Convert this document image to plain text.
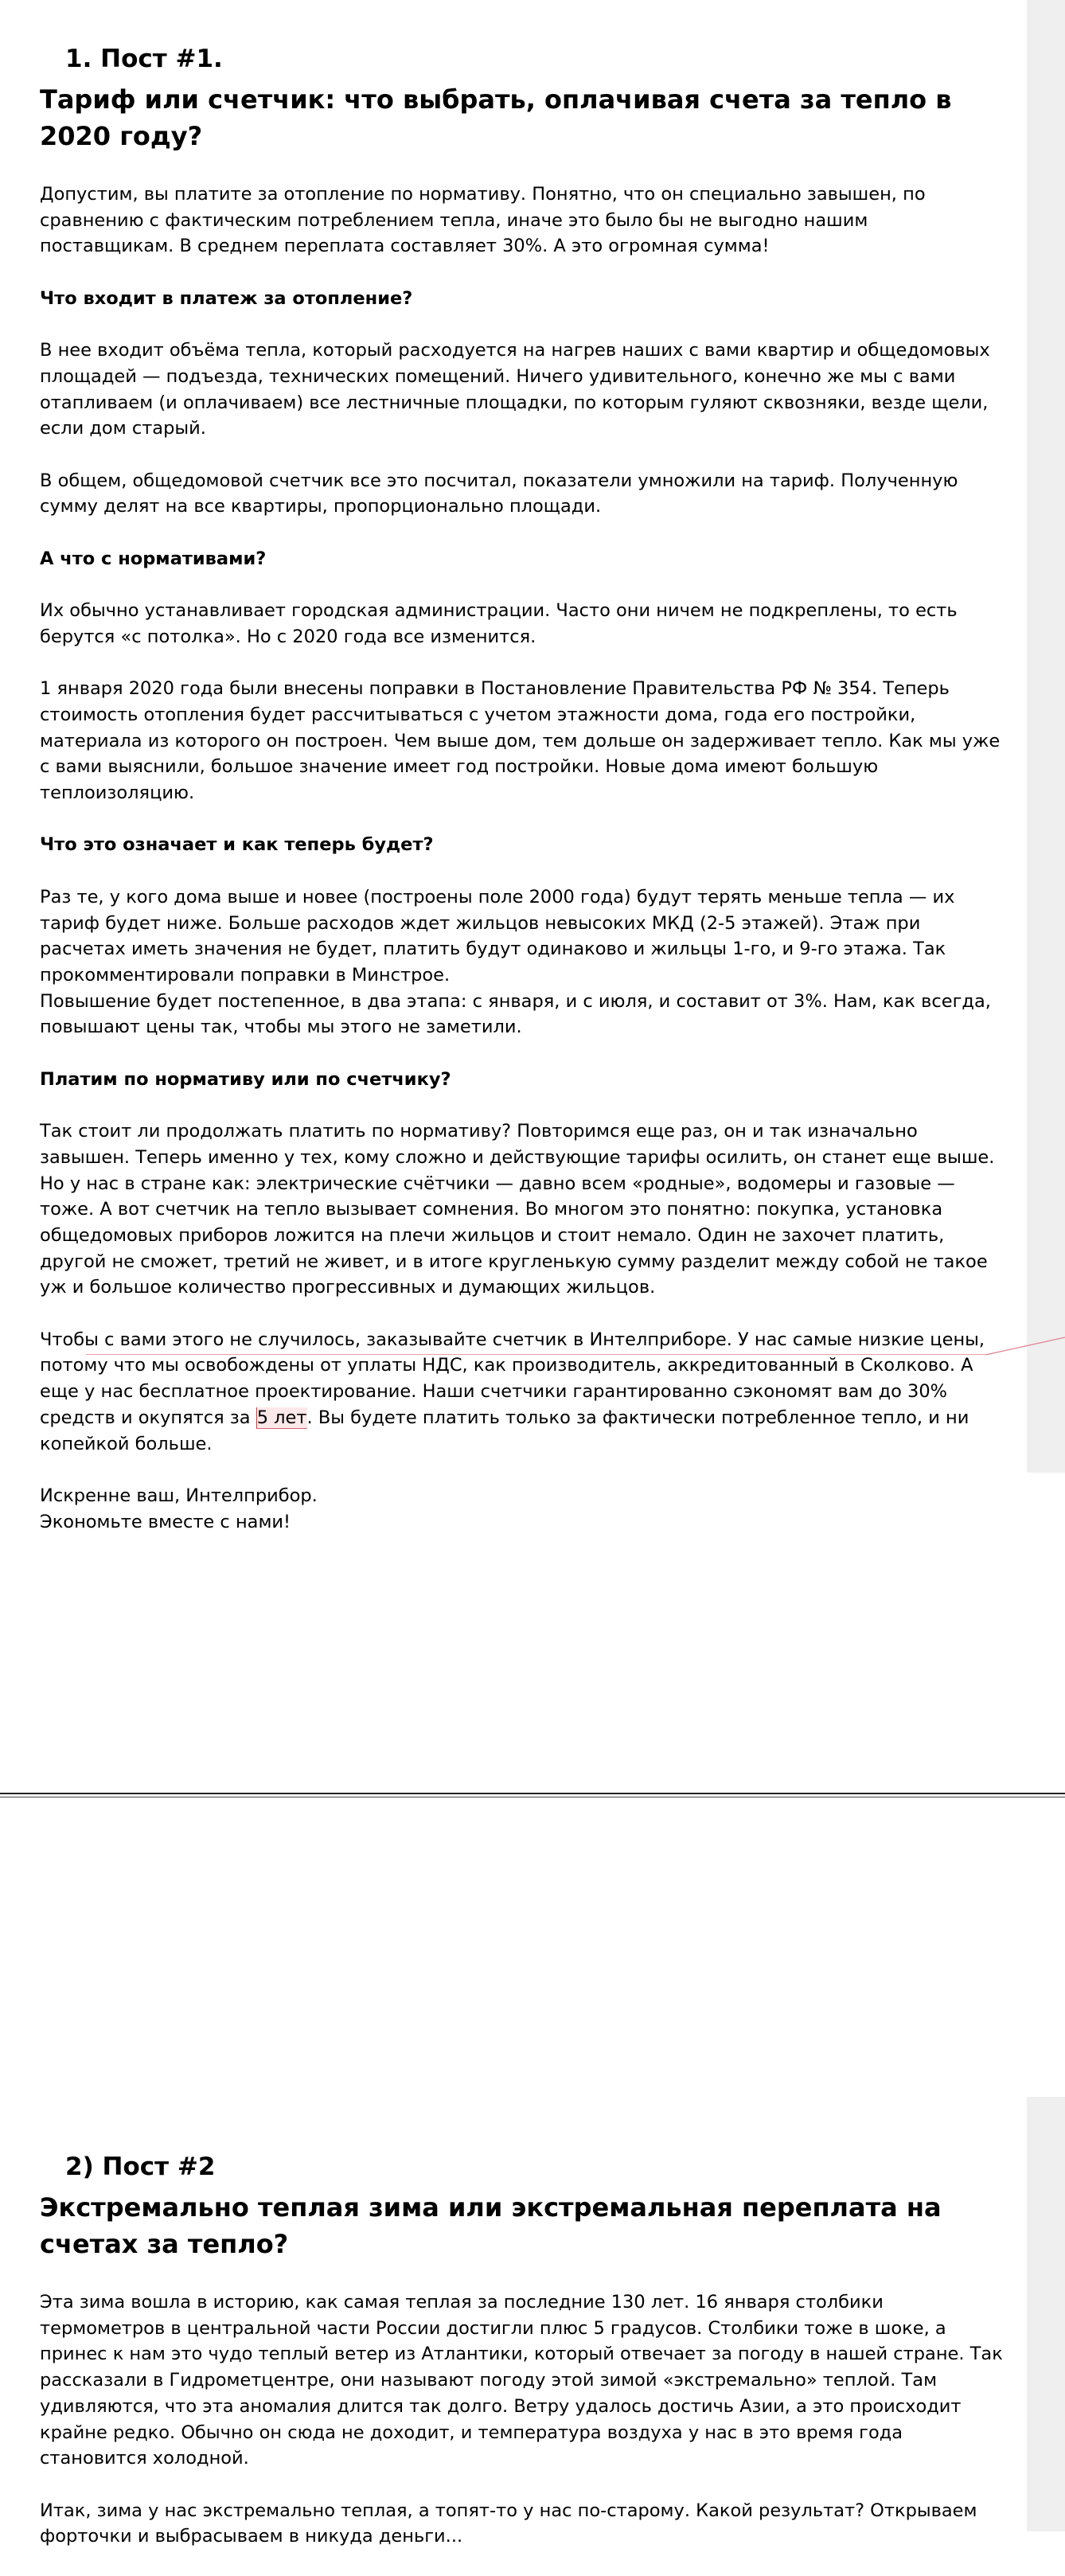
1. Пост #1.
Тариф или счетчик: что выбрать, оплачивая счета за тепло в 2020 году?

Допустим, вы платите за отопление по нормативу. Понятно, что он специально завышен, по сравнению с фактическим потреблением тепла, иначе это было бы не выгодно нашим поставщикам. В среднем переплата составляет 30%. А это огромная сумма!

Что входит в платеж за отопление?

В нее входит объёма тепла, который расходуется на нагрев наших с вами квартир и общедомовых площадей — подъезда, технических помещений. Ничего удивительного, конечно же мы с вами отапливаем (и оплачиваем) все лестничные площадки, по которым гуляют сквозняки, везде щели, если дом старый.

В общем, общедомовой счетчик все это посчитал, показатели умножили на тариф. Полученную сумму делят на все квартиры, пропорционально площади.

А что с нормативами?

Их обычно устанавливает городская администрации. Часто они ничем не подкреплены, то есть берутся «с потолка». Но с 2020 года все изменится.

1 января 2020 года были внесены поправки в Постановление Правительства РФ № 354. Теперь стоимость отопления будет рассчитываться с учетом этажности дома, года его постройки, материала из которого он построен. Чем выше дом, тем дольше он задерживает тепло. Как мы уже с вами выяснили, большое значение имеет год постройки. Новые дома имеют большую теплоизоляцию.

Что это означает и как теперь будет?

Раз те, у кого дома выше и новее (построены поле 2000 года) будут терять меньше тепла — их тариф будет ниже. Больше расходов ждет жильцов невысоких МКД (2-5 этажей). Этаж при расчетах иметь значения не будет, платить будут одинаково и жильцы 1-го, и 9-го этажа. Так прокомментировали поправки в Минстрое.

Повышение будет постепенное, в два этапа: с января, и с июля, и составит от 3%. Нам, как всегда, повышают цены так, чтобы мы этого не заметили.

Платим по нормативу или по счетчику?

Так стоит ли продолжать платить по нормативу? Повторимся еще раз, он и так изначально завышен. Теперь именно у тех, кому сложно и действующие тарифы осилить, он станет еще выше. Но у нас в стране как: электрические счётчики — давно всем «родные», водомеры и газовые — тоже. А вот счетчик на тепло вызывает сомнения. Во многом это понятно: покупка, установка общедомовых приборов ложится на плечи жильцов и стоит немало. Один не захочет платить, другой не сможет, третий не живет, и в итоге кругленькую сумму разделит между собой не такое уж и большое количество прогрессивных и думающих жильцов.

Чтобы с вами этого не случилось, заказывайте счетчик в Интелприборе. У нас самые низкие цены, потому что мы освобождены от уплаты НДС, как производитель, аккредитованный в Сколково. А еще у нас бесплатное проектирование. Наши счетчики гарантированно сэкономят вам до 30% средств и окупятся за 5 лет. Вы будете платить только за фактически потребленное тепло, и ни копейкой больше.

Искренне ваш, Интелприбор.

Экономьте вместе с нами!

2) Пост #2
Экстремально теплая зима или экстремальная переплата на счетах за тепло?

Эта зима вошла в историю, как самая теплая за последние 130 лет. 16 января столбики термометров в центральной части России достигли плюс 5 градусов. Столбики тоже в шоке, а принес к нам это чудо теплый ветер из Атлантики, который отвечает за погоду в нашей стране. Так рассказали в Гидрометцентре, они называют погоду этой зимой «экстремально» теплой. Там удивляются, что эта аномалия длится так долго. Ветру удалось достичь Азии, а это происходит крайне редко. Обычно он сюда не доходит, и температура воздуха у нас в это время года становится холодной.

Итак, зима у нас экстремально теплая, а топят-то у нас по-старому. Какой результат? Открываем форточки и выбрасываем в никуда деньги...
